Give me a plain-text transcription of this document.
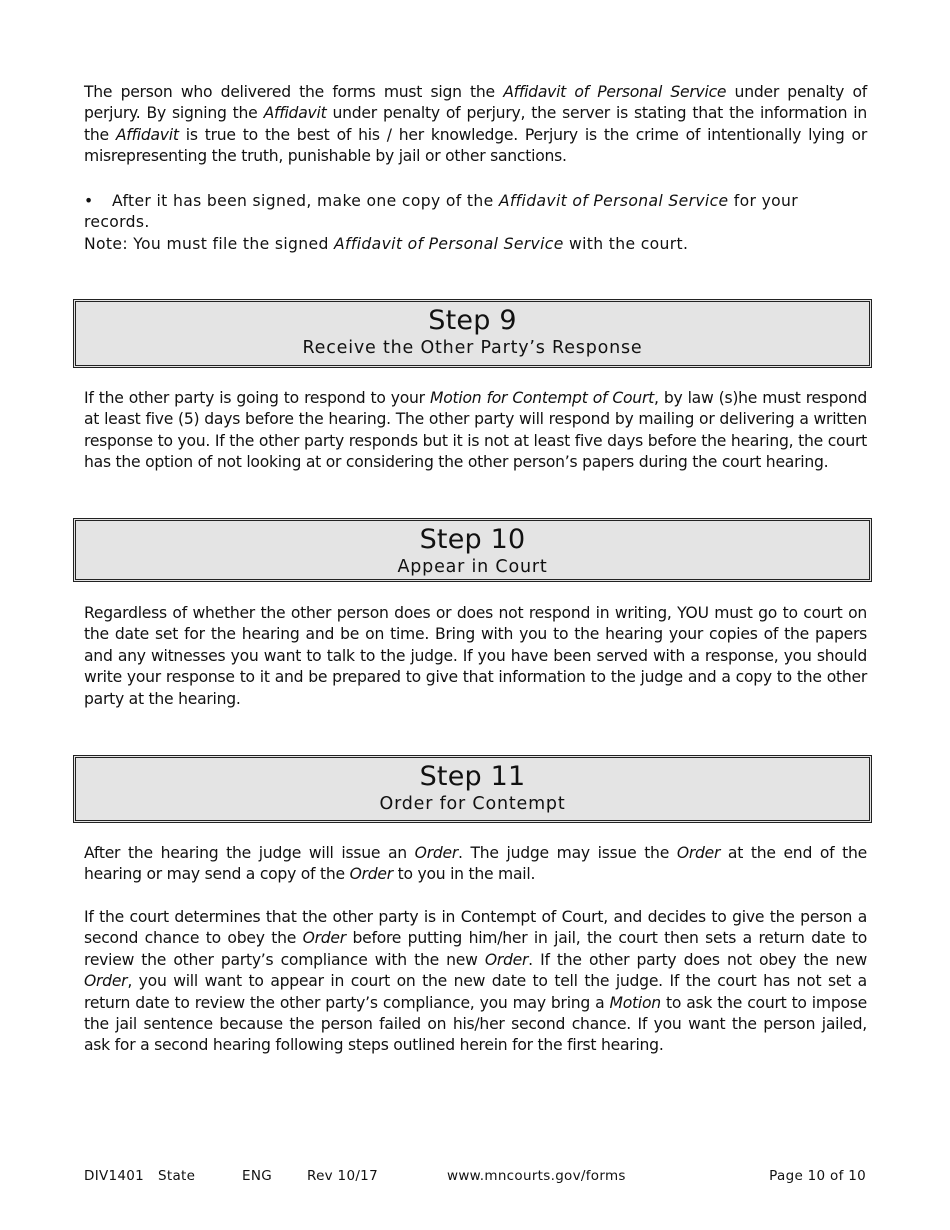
The person who delivered the forms must sign the Affidavit of Personal Service under penalty of perjury. By signing the Affidavit under penalty of perjury, the server is stating that the information in the Affidavit is true to the best of his / her knowledge. Perjury is the crime of intentionally lying or misrepresenting the truth, punishable by jail or other sanctions.

• After it has been signed, make one copy of the Affidavit of Personal Service for your records.
Note: You must file the signed Affidavit of Personal Service with the court.
Step 9
Receive the Other Party’s Response

If the other party is going to respond to your Motion for Contempt of Court, by law (s)he must respond at least five (5) days before the hearing. The other party will respond by mailing or delivering a written response to you. If the other party responds but it is not at least five days before the hearing, the court has the option of not looking at or considering the other person’s papers during the court hearing.

Step 10
Appear in Court

Regardless of whether the other person does or does not respond in writing, YOU must go to court on the date set for the hearing and be on time. Bring with you to the hearing your copies of the papers and any witnesses you want to talk to the judge. If you have been served with a response, you should write your response to it and be prepared to give that information to the judge and a copy to the other party at the hearing.

Step 11
Order for Contempt

After the hearing the judge will issue an Order. The judge may issue the Order at the end of the hearing or may send a copy of the Order to you in the mail.

If the court determines that the other party is in Contempt of Court, and decides to give the person a second chance to obey the Order before putting him/her in jail, the court then sets a return date to review the other party’s compliance with the new Order. If the other party does not obey the new Order, you will want to appear in court on the new date to tell the judge. If the court has not set a return date to review the other party’s compliance, you may bring a Motion to ask the court to impose the jail sentence because the person failed on his/her second chance. If you want the person jailed, ask for a second hearing following steps outlined herein for the first hearing.

DIV1401 State	ENG	Rev 10/17	www.mncourts.gov/forms	Page 10 of 10
